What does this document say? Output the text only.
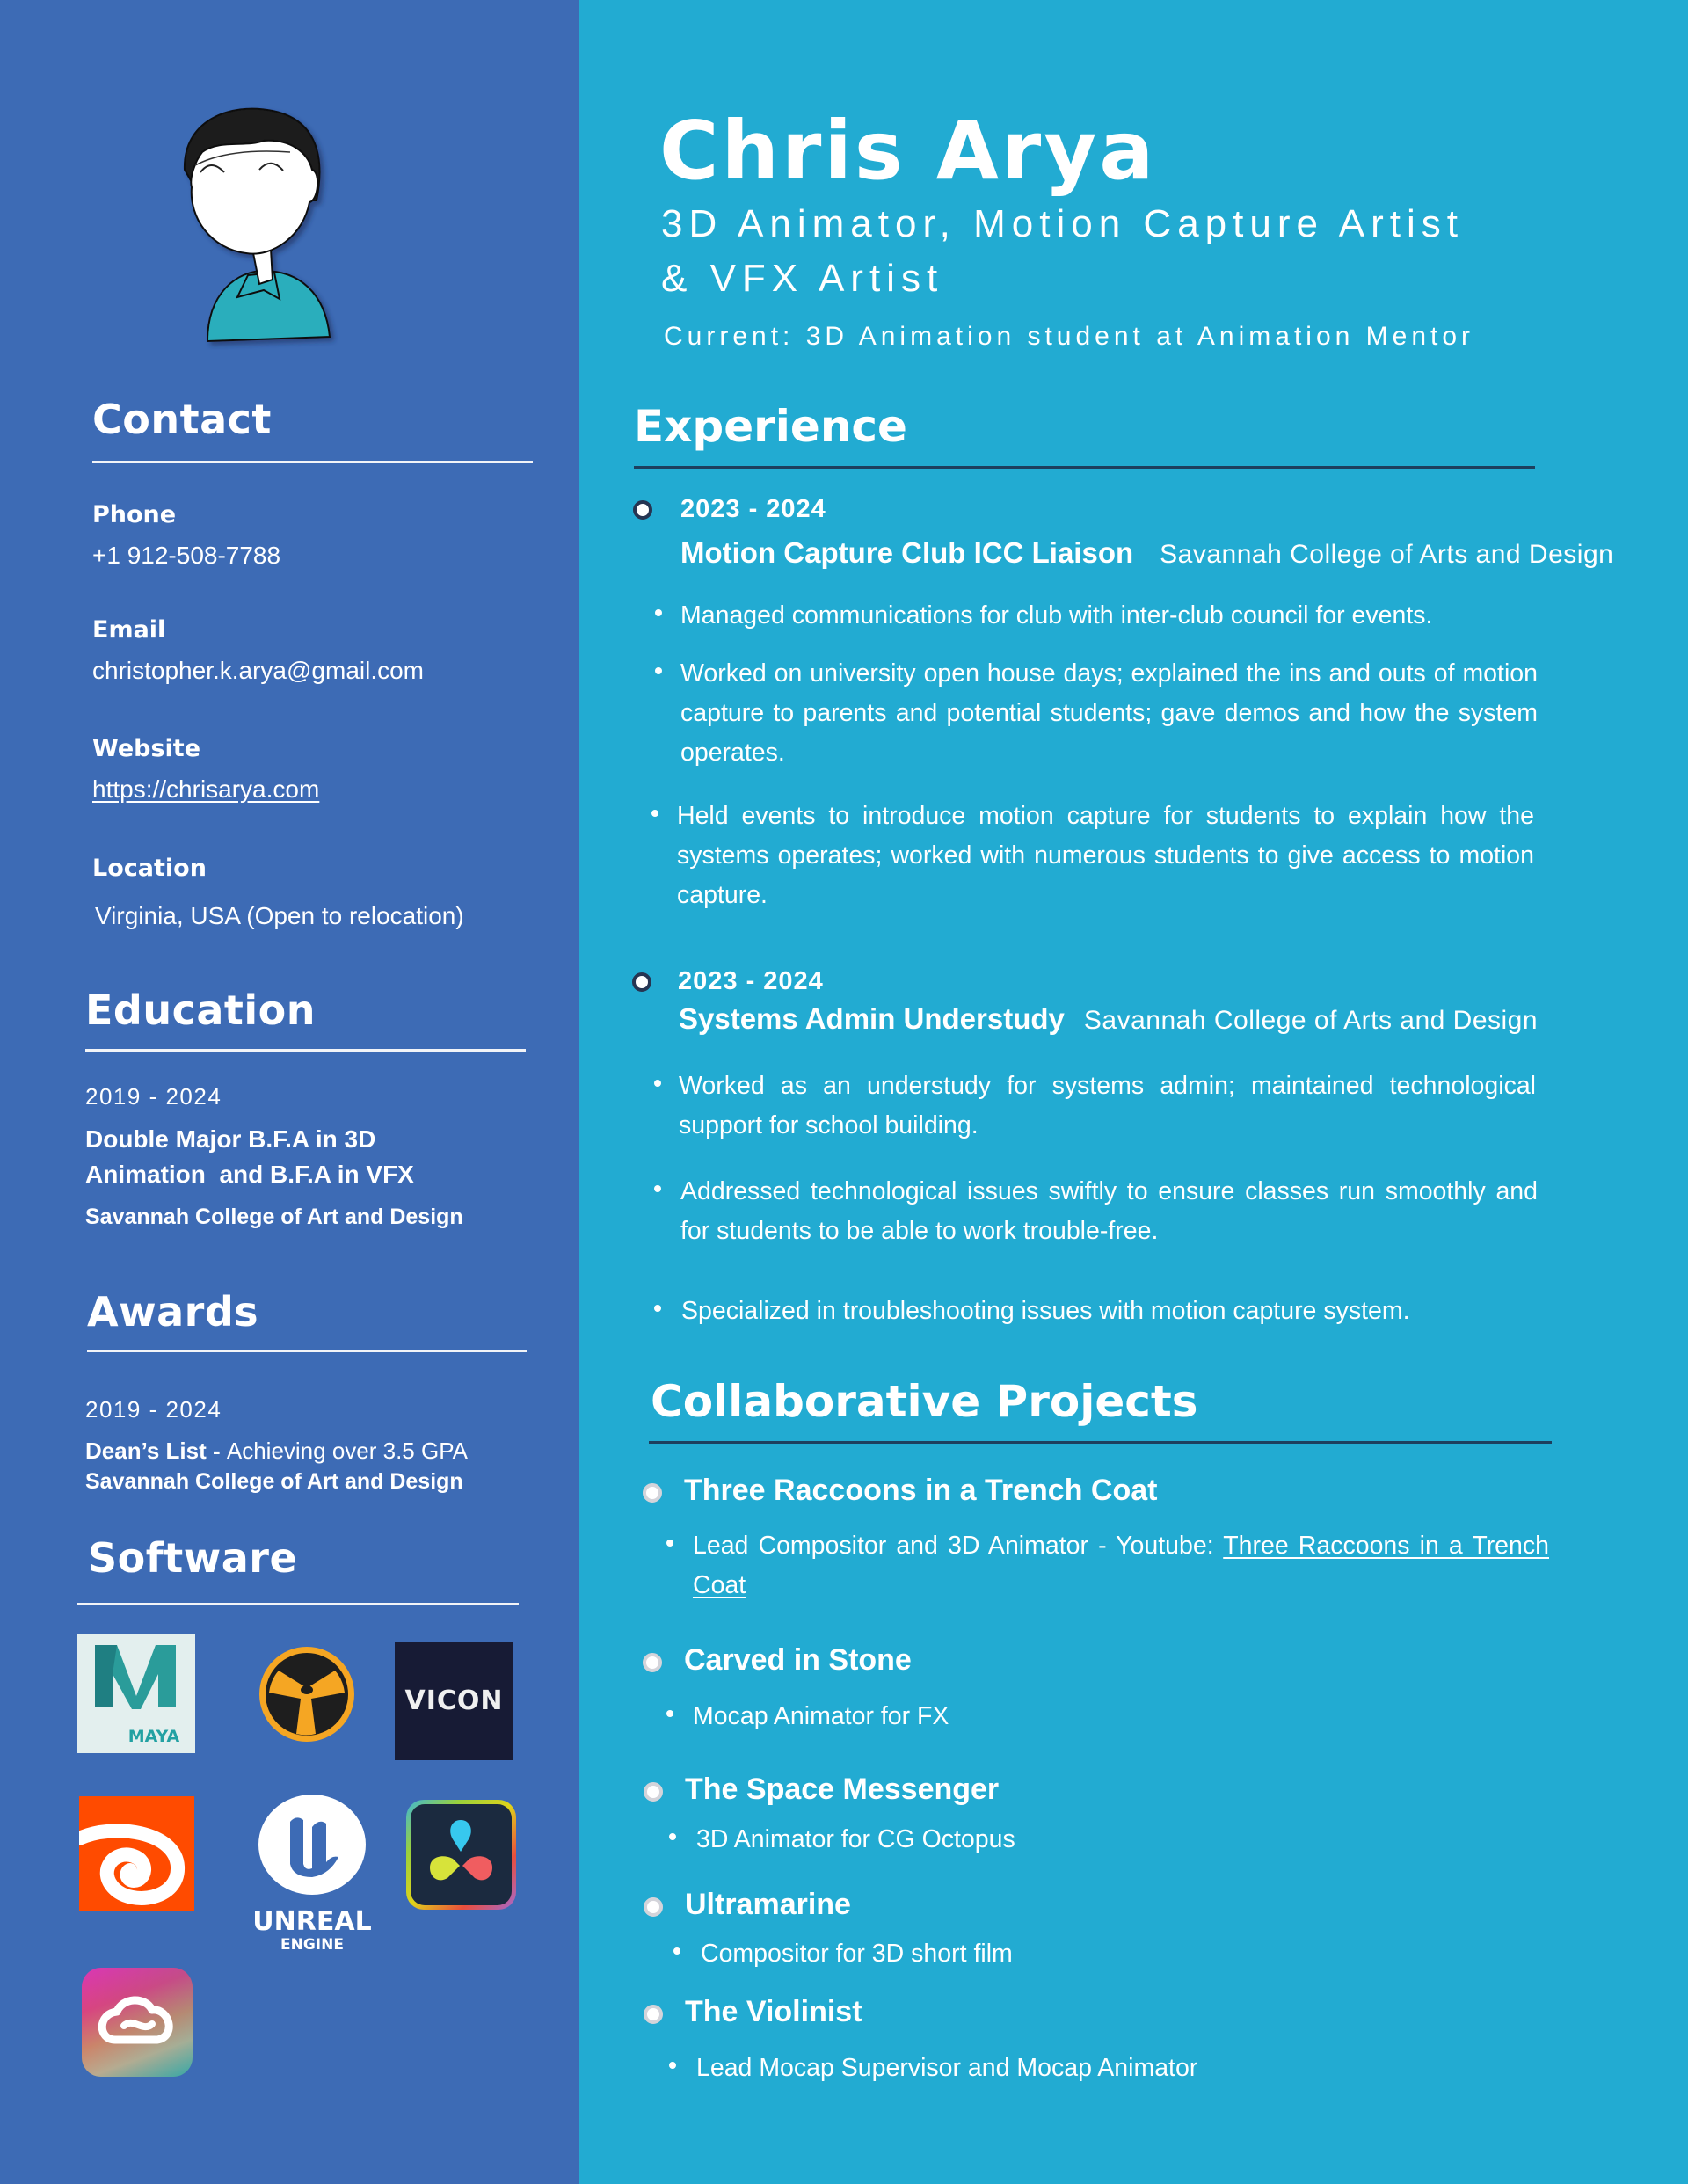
Contact
Phone
+1 912-508-7788
Email
christopher.k.arya@gmail.com
Website
https://chrisarya.com
Location
Virginia, USA (Open to relocation)
Education
2019 - 2024
Double Major B.F.A in 3D
Animation  and B.F.A in VFX
Savannah College of Art and Design
Awards
2019 - 2024
Dean’s List - Achieving over 3.5 GPA
Savannah College of Art and Design
Software
MAYA
VICON
UNREAL
ENGINE
Chris Arya
3D Animator, Motion Capture Artist
& VFX Artist
Current: 3D Animation student at Animation Mentor
Experience
2023 - 2024
Motion Capture Club ICC Liaison Savannah College of Arts and Design
Managed communications for club with inter-club council for events.
Worked on university open house days; explained the ins and outs of motion capture to parents and potential students; gave demos and how the system operates.
Held events to introduce motion capture for students to explain how the systems operates; worked with numerous students to give access to motion capture.
2023 - 2024
Systems Admin Understudy Savannah College of Arts and Design
Worked as an understudy for systems admin; maintained technological support for school building.
Addressed technological issues swiftly to ensure classes run smoothly and for students to be able to work trouble-free.
Specialized in troubleshooting issues with motion capture system.
Collaborative Projects
Three Raccoons in a Trench Coat
Lead Compositor and 3D Animator - Youtube: Three Raccoons in a Trench Coat
Carved in Stone
Mocap Animator for FX
The Space Messenger
3D Animator for CG Octopus
Ultramarine
Compositor for 3D short film
The Violinist
Lead Mocap Supervisor and Mocap Animator
